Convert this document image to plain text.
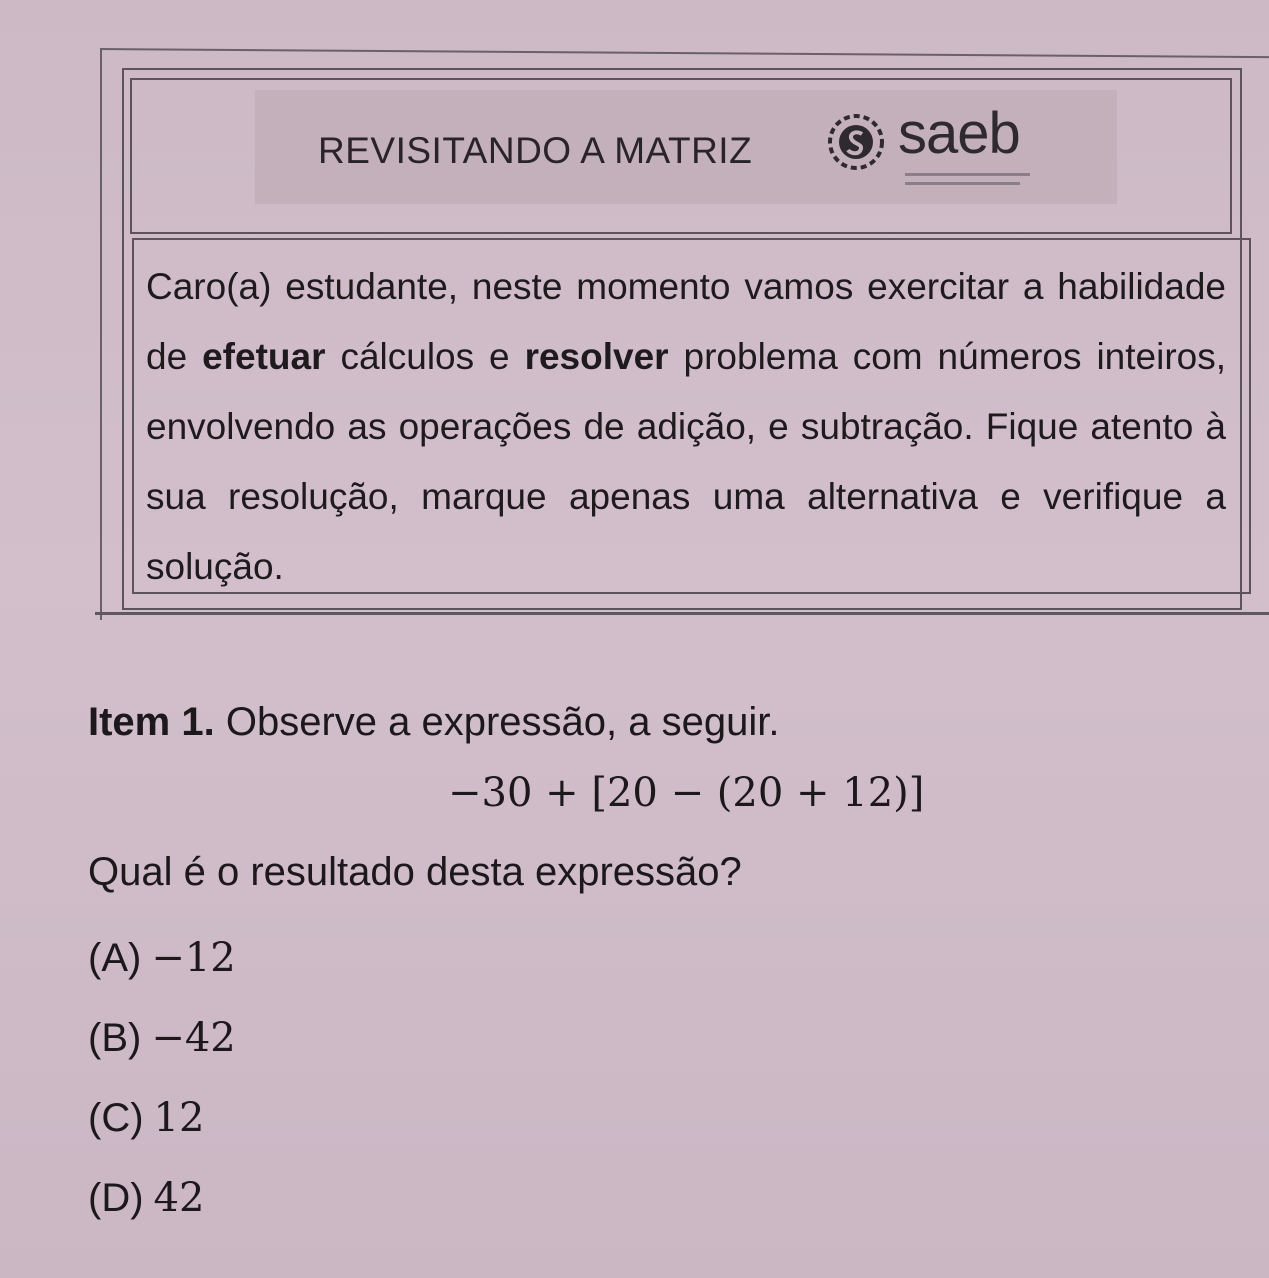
REVISITANDO A MATRIZ	saeb
Caro(a) estudante, neste momento vamos exercitar a habilidade de efetuar cálculos e resolver problema com números inteiros, envolvendo as operações de adição, e subtração. Fique atento à sua resolução, marque apenas uma alternativa e verifique a solução.
Item 1. Observe a expressão, a seguir.
−30 + [20 − (20 + 12)]
Qual é o resultado desta expressão?
(A) −12
(B) −42
(C) 12
(D) 42
